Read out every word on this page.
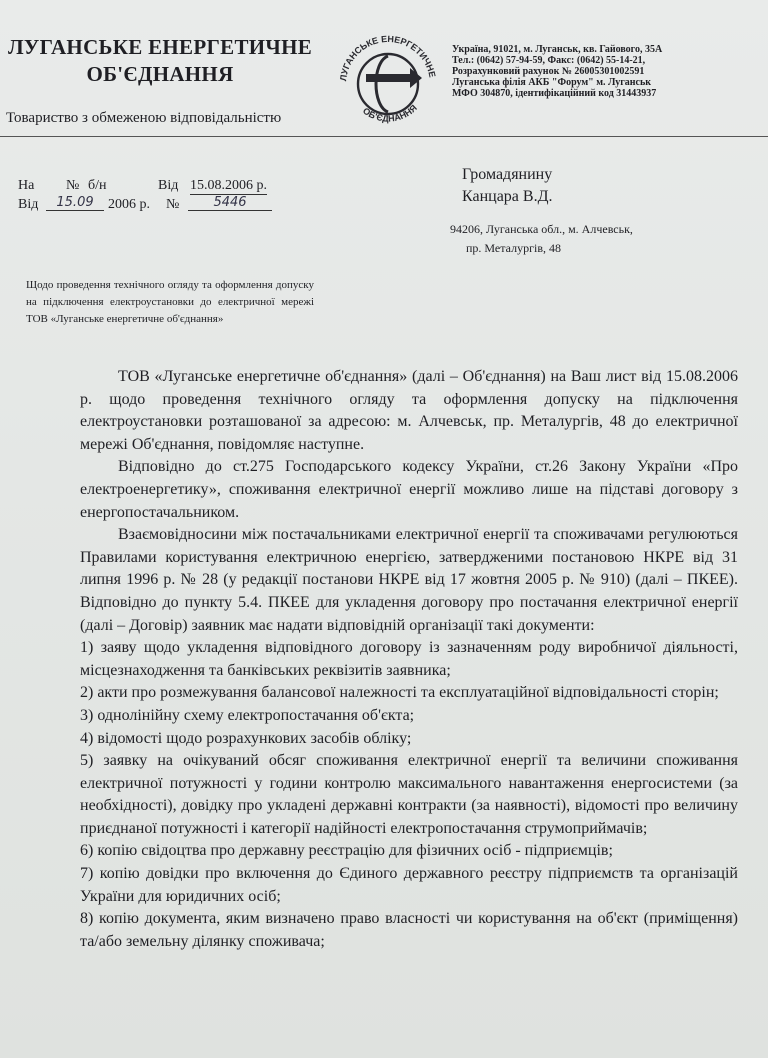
ЛУГАНСЬКЕ ЕНЕРГЕТИЧНЕ
ОБ'ЄДНАННЯ
Товариство з обмеженою відповідальністю
ЛУГАНСЬКЕ ЕНЕРГЕТИЧНЕ
ОБ'ЄДНАННЯ
Україна, 91021, м. Луганськ, кв. Гайового, 35А
Тел.: (0642) 57-94-59, Факс: (0642) 55-14-21,
Розрахунковий рахунок № 26005301002591
Луганська філія АКБ "Форум" м. Луганськ
МФО 304870, ідентифікаційний код 31443937
На № б/н	Від 15.08.2006 р.
Від	15.09	2006 р. №	5446
Громадянину
Канцара В.Д.
94206, Луганська обл., м. Алчевськ,
пр. Металургів, 48
Щодо проведення технічного огляду та оформлення допуску на підключення електроустановки до електричної мережі ТОВ «Луганське енергетичне об'єднання»

ТОВ «Луганське енергетичне об'єднання» (далі – Об'єднання) на Ваш лист від 15.08.2006 р. щодо проведення технічного огляду та оформлення допуску на підключення електроустановки розташованої за адресою: м. Алчевськ, пр. Металургів, 48 до електричної мережі Об'єднання, повідомляє наступне.

Відповідно до ст.275 Господарського кодексу України, ст.26 Закону України «Про електроенергетику», споживання електричної енергії можливо лише на підставі договору з енергопостачальником.

Взаємовідносини між постачальниками електричної енергії та споживачами регулюються Правилами користування електричною енергією, затвердженими постановою НКРЕ від 31 липня 1996 р. № 28 (у редакції постанови НКРЕ від 17 жовтня 2005 р. № 910) (далі – ПКЕЕ). Відповідно до пункту 5.4. ПКЕЕ для укладення договору про постачання електричної енергії (далі – Договір) заявник має надати відповідній організації такі документи:

1) заяву щодо укладення відповідного договору із зазначенням роду виробничої діяльності, місцезнаходження та банківських реквізитів заявника;

2) акти про розмежування балансової належності та експлуатаційної відповідальності сторін;

3) однолінійну схему електропостачання об'єкта;

4) відомості щодо розрахункових засобів обліку;

5) заявку на очікуваний обсяг споживання електричної енергії та величини споживання електричної потужності у години контролю максимального навантаження енергосистеми (за необхідності), довідку про укладені державні контракти (за наявності), відомості про величину приєднаної потужності і категорії надійності електропостачання струмоприймачів;

6) копію свідоцтва про державну реєстрацію для фізичних осіб - підприємців;

7) копію довідки про включення до Єдиного державного реєстру підприємств та організацій України для юридичних осіб;

8) копію документа, яким визначено право власності чи користування на об'єкт (приміщення) та/або земельну ділянку споживача;
